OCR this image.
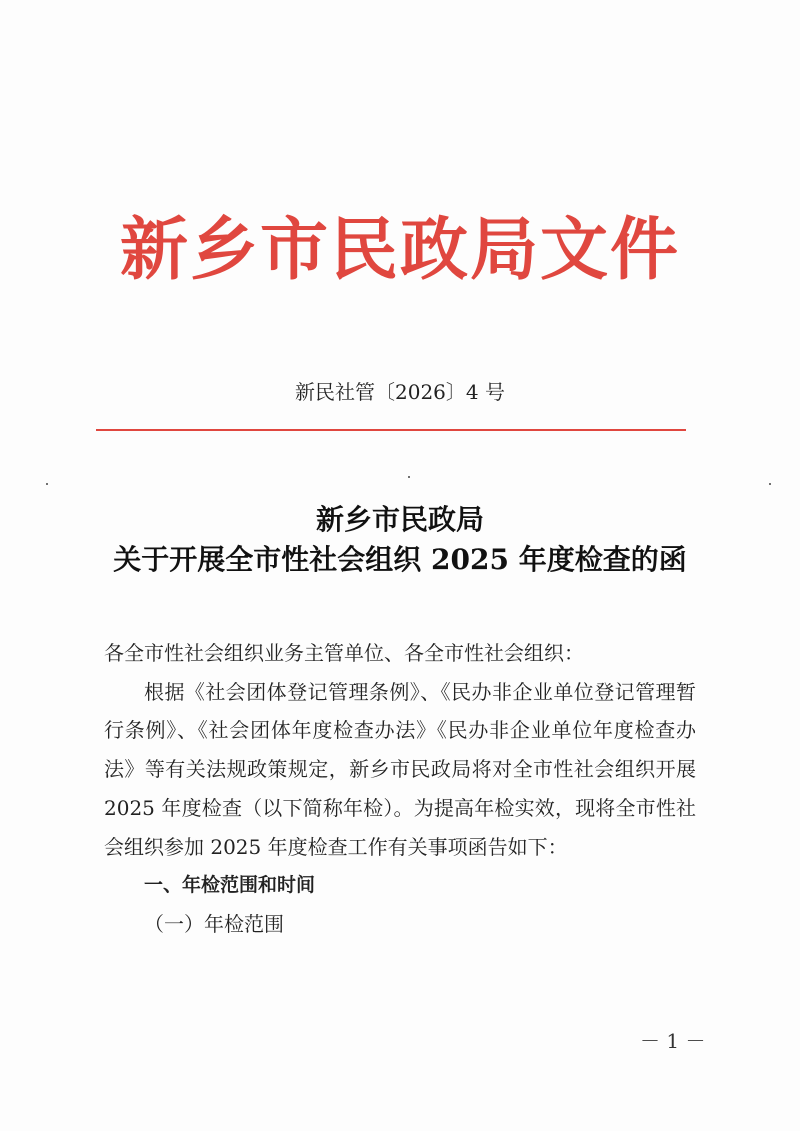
新乡市民政局文件
新民社管〔2026〕4 号
新乡市民政局
关于开展全市性社会组织 2025 年度检查的函

各全市性社会组织业务主管单位、各全市性社会组织：

根据《社会团体登记管理条例》、《民办非企业单位登记管理暂行条例》、《社会团体年度检查办法》《民办非企业单位年度检查办法》等有关法规政策规定，新乡市民政局将对全市性社会组织开展 2025 年度检查（以下简称年检）。为提高年检实效，现将全市性社会组织参加 2025 年度检查工作有关事项函告如下：

一、年检范围和时间

（一）年检范围

－ 1 －
